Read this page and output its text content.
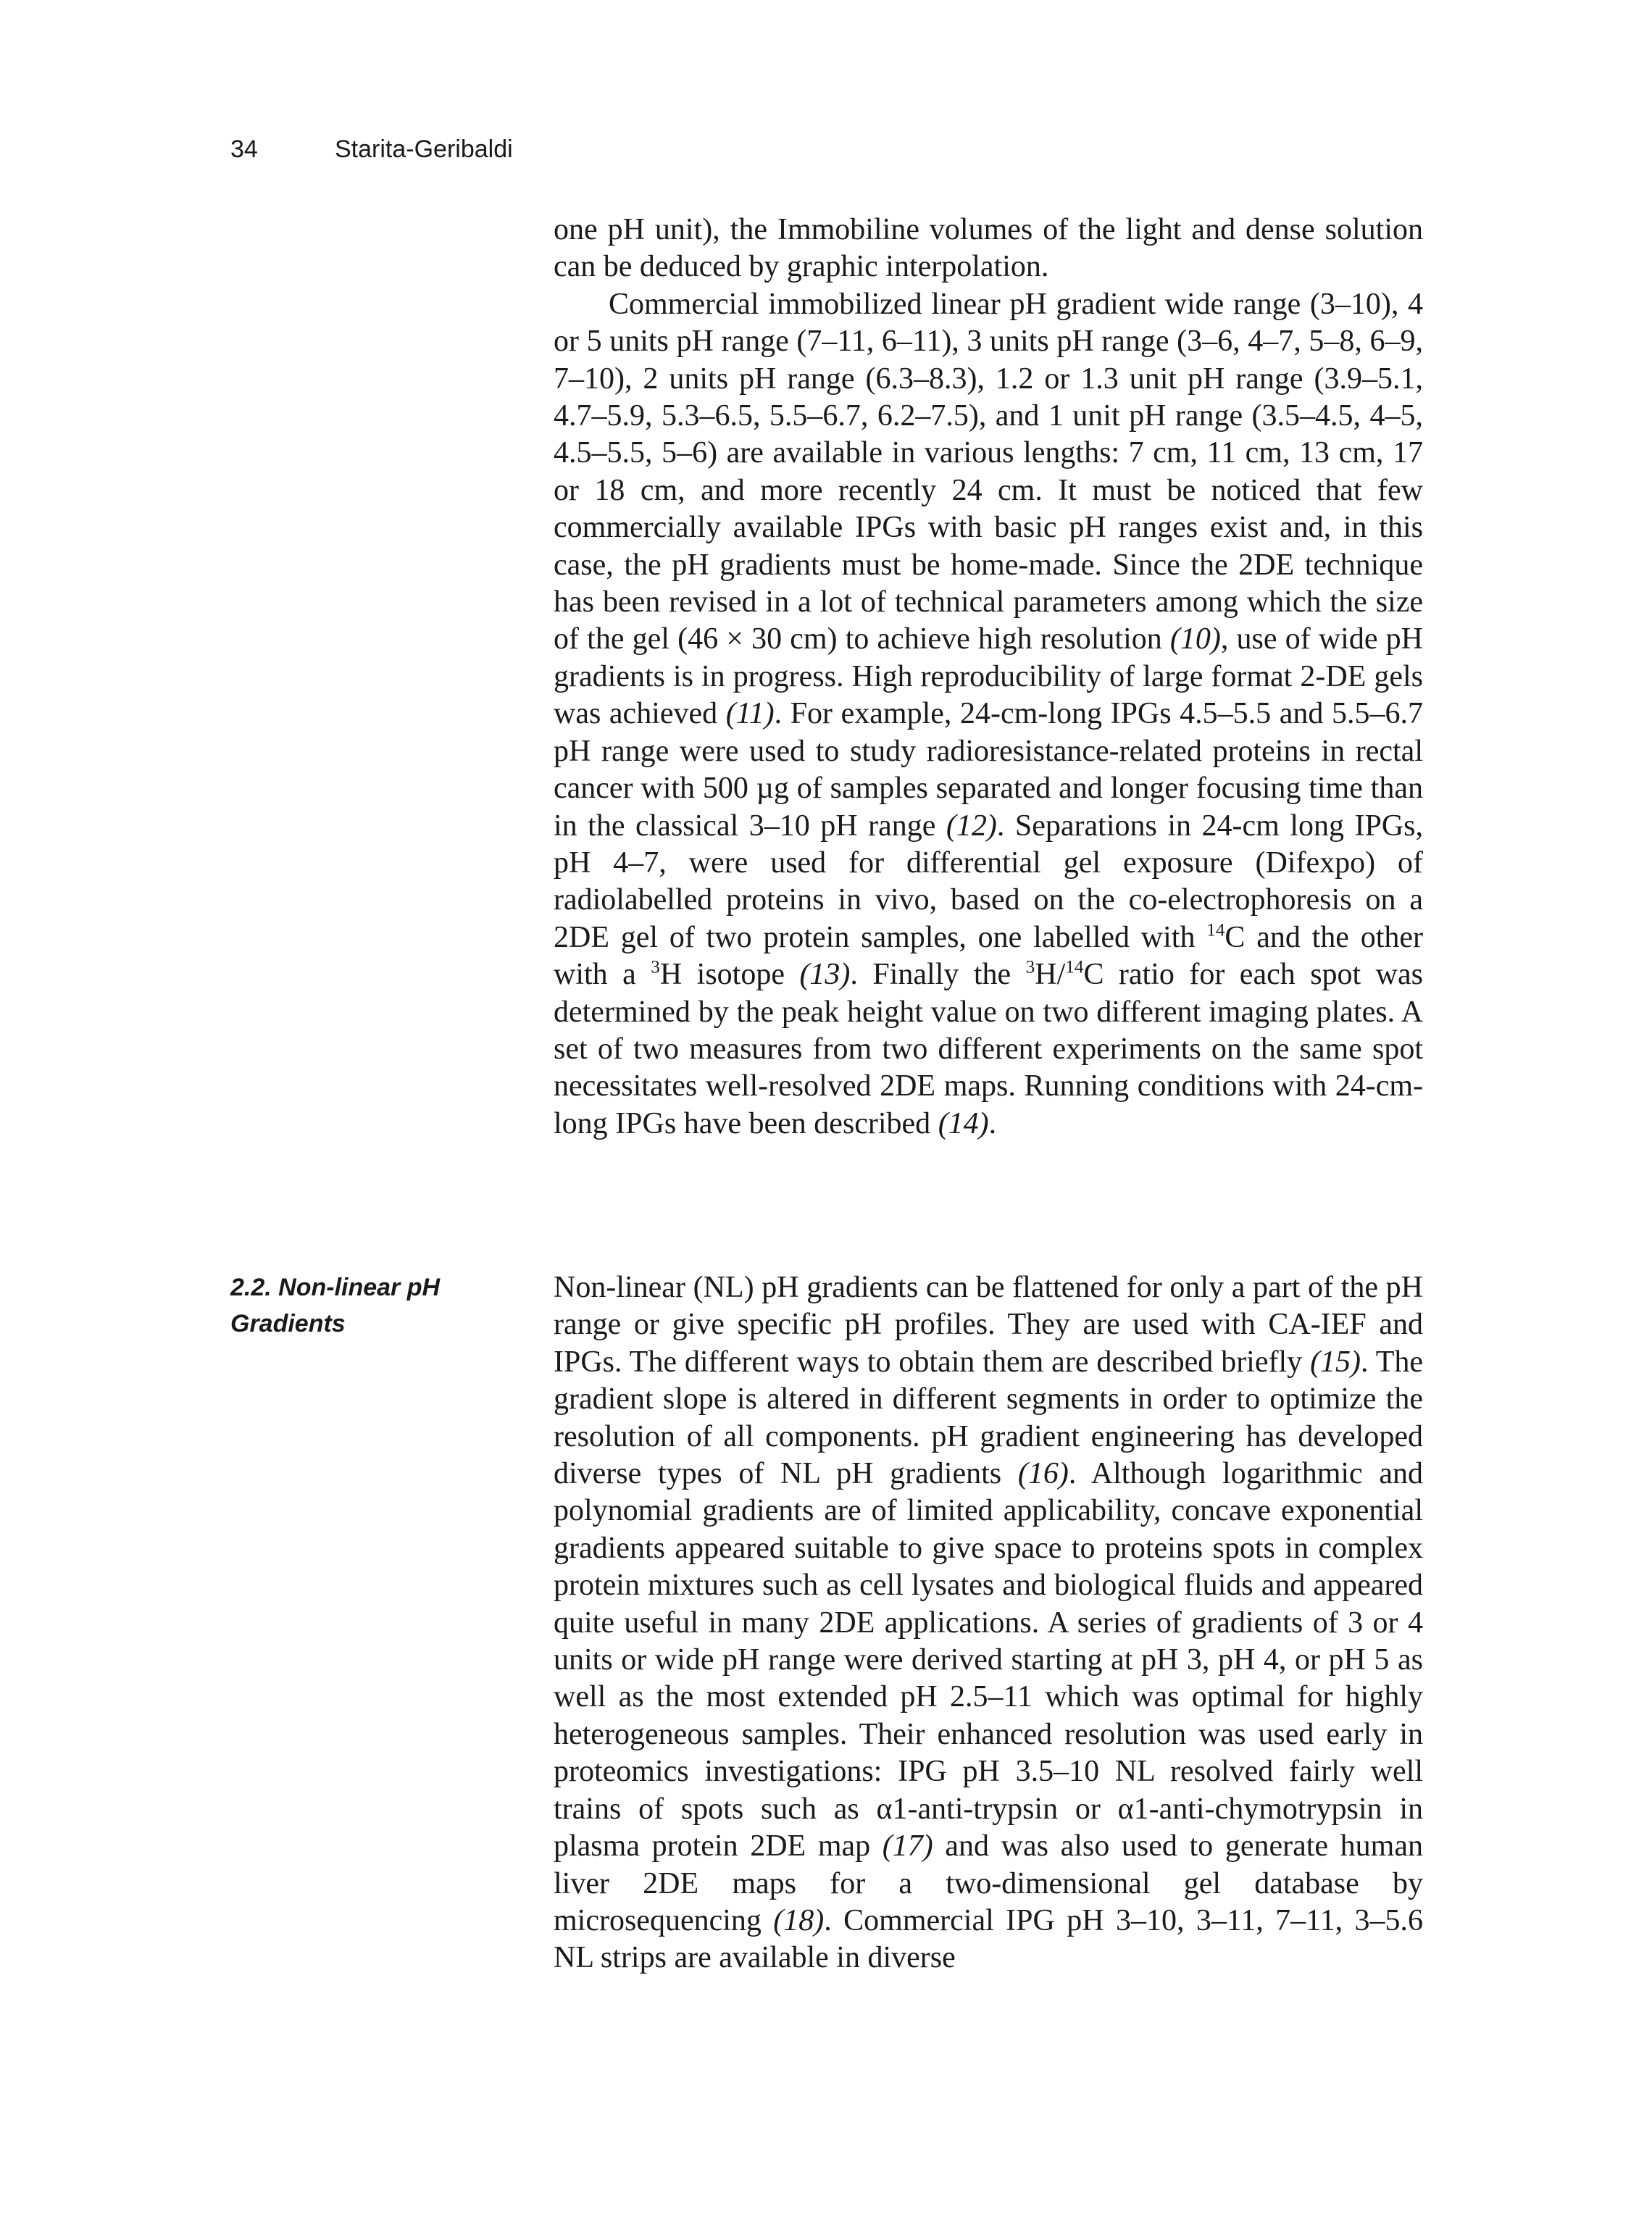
34	Starita-Geribaldi

one pH unit), the Immobiline volumes of the light and dense solution can be deduced by graphic interpolation.

Commercial immobilized linear pH gradient wide range (3–10), 4 or 5 units pH range (7–11, 6–11), 3 units pH range (3–6, 4–7, 5–8, 6–9, 7–10), 2 units pH range (6.3–8.3), 1.2 or 1.3 unit pH range (3.9–5.1, 4.7–5.9, 5.3–6.5, 5.5–6.7, 6.2–7.5), and 1 unit pH range (3.5–4.5, 4–5, 4.5–5.5, 5–6) are available in various lengths: 7 cm, 11 cm, 13 cm, 17 or 18 cm, and more recently 24 cm. It must be noticed that few commercially available IPGs with basic pH ranges exist and, in this case, the pH gradients must be home-made. Since the 2DE technique has been revised in a lot of technical parameters among which the size of the gel (46 × 30 cm) to achieve high resolution (10), use of wide pH gradients is in progress. High reproducibility of large format 2-DE gels was achieved (11). For example, 24-cm-long IPGs 4.5–5.5 and 5.5–6.7 pH range were used to study radioresistance-related proteins in rectal cancer with 500 µg of samples separated and longer focusing time than in the classical 3–10 pH range (12). Separations in 24-cm long IPGs, pH 4–7, were used for differential gel exposure (Difexpo) of radiolabelled proteins in vivo, based on the co-electrophoresis on a 2DE gel of two protein samples, one labelled with $^{14}$C and the other with a $^3$H isotope (13). Finally the $^3$H/$^{14}$C ratio for each spot was determined by the peak height value on two different imaging plates. A set of two measures from two different experiments on the same spot necessitates well-resolved 2DE maps. Running conditions with 24-cm-long IPGs have been described (14).

2.2. Non-linear pH
Gradients

Non-linear (NL) pH gradients can be flattened for only a part of the pH range or give specific pH profiles. They are used with CA-IEF and IPGs. The different ways to obtain them are described briefly (15). The gradient slope is altered in different segments in order to optimize the resolution of all components. pH gradient engineering has developed diverse types of NL pH gradients (16). Although logarithmic and polynomial gradients are of limited applicability, concave exponential gradients appeared suitable to give space to proteins spots in complex protein mixtures such as cell lysates and biological fluids and appeared quite useful in many 2DE applications. A series of gradients of 3 or 4 units or wide pH range were derived starting at pH 3, pH 4, or pH 5 as well as the most extended pH 2.5–11 which was optimal for highly heterogeneous samples. Their enhanced resolution was used early in proteomics investigations: IPG pH 3.5–10 NL resolved fairly well trains of spots such as α1-anti-trypsin or α1-anti-chymotrypsin in plasma protein 2DE map (17) and was also used to generate human liver 2DE maps for a two-dimensional gel database by microsequencing (18). Commercial IPG pH 3–10, 3–11, 7–11, 3–5.6 NL strips are available in diverse
